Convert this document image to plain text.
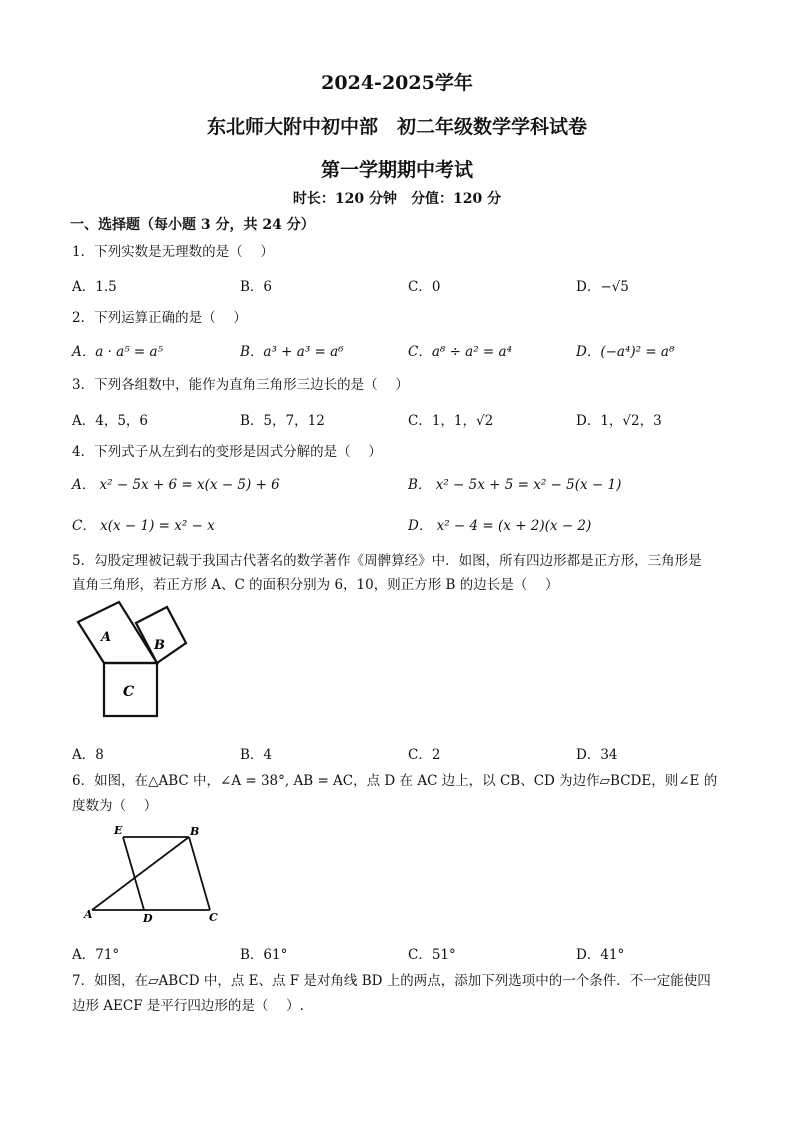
2024-2025学年
东北师大附中初中部　初二年级数学学科试卷
第一学期期中考试
时长：120 分钟　分值：120 分
一、选择题（每小题 3 分，共 24 分）
1．下列实数是无理数的是（　 ）
A．1.5	B．6	C．0	D．−√5
2．下列运算正确的是（　 ）
A．a · a⁵ = a⁵	B．a³ + a³ = a⁶	C．a⁸ ÷ a² = a⁴	D．(−a⁴)² = a⁸
3．下列各组数中，能作为直角三角形三边长的是（　 ）
A．4，5，6	B．5，7，12	C．1，1，√2	D．1，√2，3
4．下列式子从左到右的变形是因式分解的是（　 ）
A． x² − 5x + 6 = x(x − 5) + 6	B． x² − 5x + 5 = x² − 5(x − 1)
C． x(x − 1) = x² − x	D． x² − 4 = (x + 2)(x − 2)
5．勾股定理被记载于我国古代著名的数学著作《周髀算经》中．如图，所有四边形都是正方形，三角形是
直角三角形，若正方形 A、C 的面积分别为 6，10，则正方形 B 的边长是（　 ）
A
B
C
A．8	B．4	C．2	D．34
6．如图，在△ABC 中，∠A = 38°, AB = AC，点 D 在 AC 边上，以 CB、CD 为边作▱BCDE，则∠E 的
度数为（　 ）
E	B
A	D	C
A．71°	B．61°	C．51°	D．41°
7．如图，在▱ABCD 中，点 E、点 F 是对角线 BD 上的两点，添加下列选项中的一个条件．不一定能使四
边形 AECF 是平行四边形的是（　 ）.
